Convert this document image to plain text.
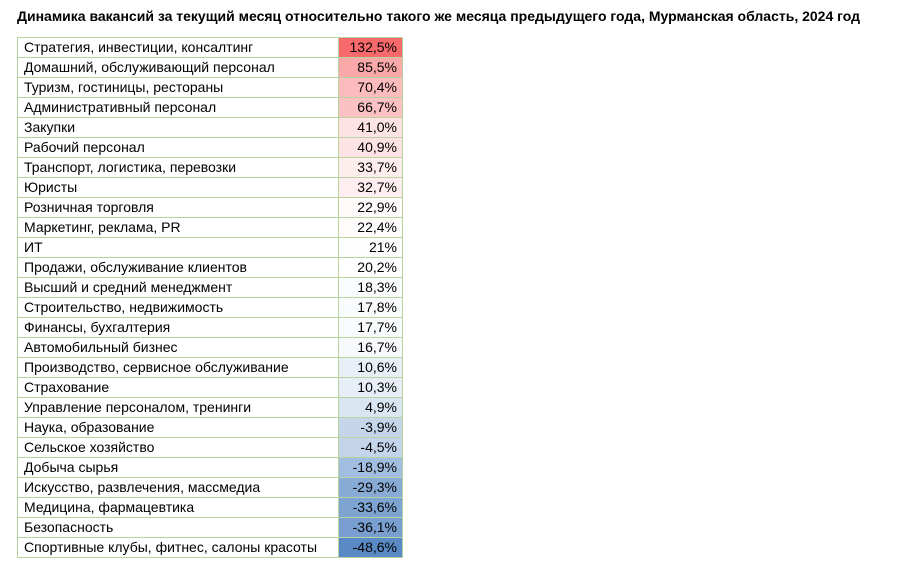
Динамика вакансий за текущий месяц относительно такого же месяца предыдущего года, Мурманская область, 2024 год
Стратегия, инвестиции, консалтинг	132,5%
Домашний, обслуживающий персонал	85,5%
Туризм, гостиницы, рестораны	70,4%
Административный персонал	66,7%
Закупки	41,0%
Рабочий персонал	40,9%
Транспорт, логистика, перевозки	33,7%
Юристы	32,7%
Розничная торговля	22,9%
Маркетинг, реклама, PR	22,4%
ИТ	21%
Продажи, обслуживание клиентов	20,2%
Высший и средний менеджмент	18,3%
Строительство, недвижимость	17,8%
Финансы, бухгалтерия	17,7%
Автомобильный бизнес	16,7%
Производство, сервисное обслуживание	10,6%
Страхование	10,3%
Управление персоналом, тренинги	4,9%
Наука, образование	-3,9%
Сельское хозяйство	-4,5%
Добыча сырья	-18,9%
Искусство, развлечения, массмедиа	-29,3%
Медицина, фармацевтика	-33,6%
Безопасность	-36,1%
Спортивные клубы, фитнес, салоны красоты	-48,6%
